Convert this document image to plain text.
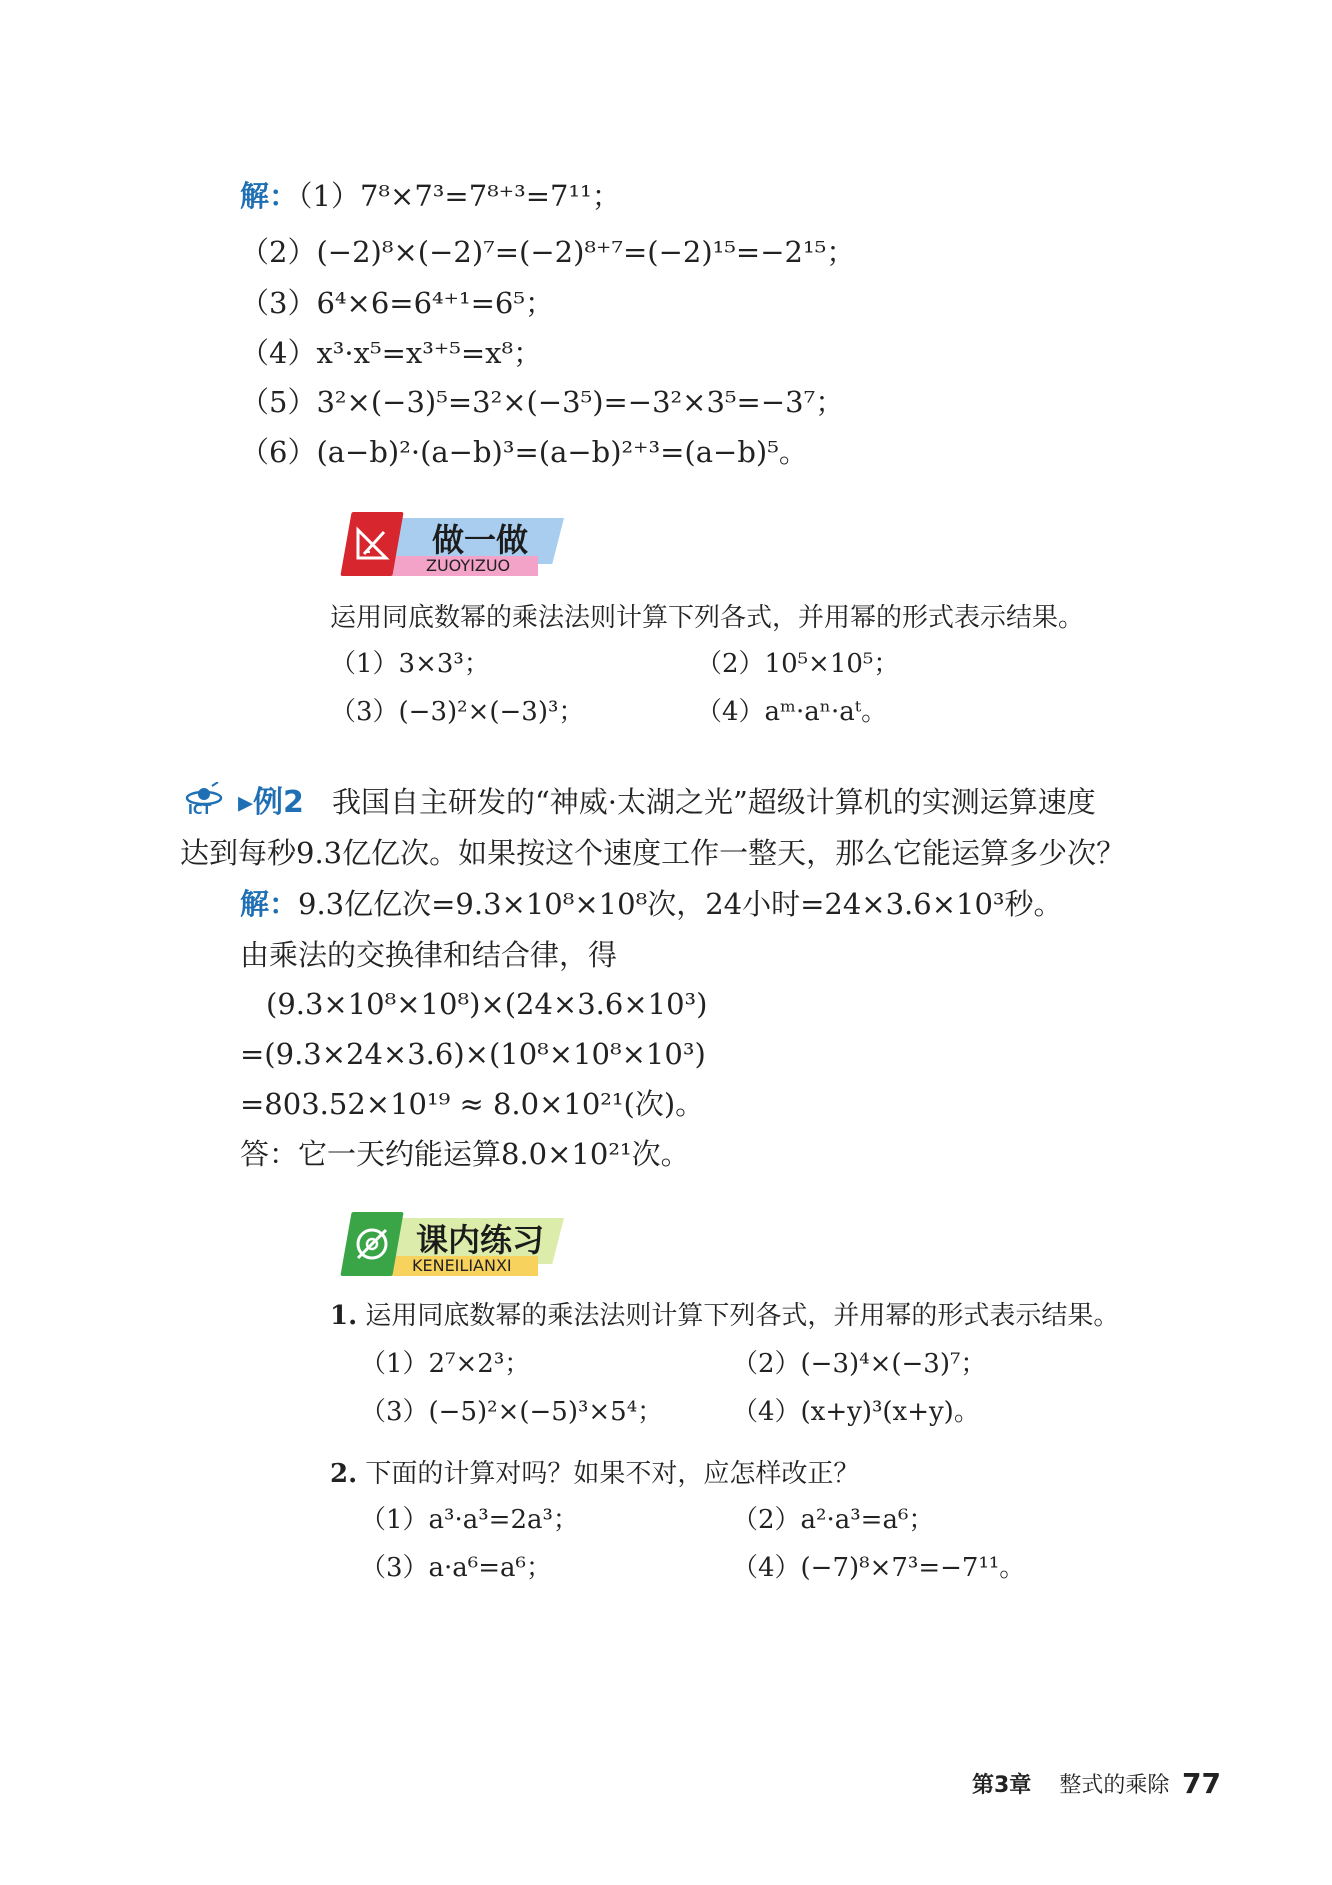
解：（1）7⁸×7³=7⁸⁺³=7¹¹；
（2）(−2)⁸×(−2)⁷=(−2)⁸⁺⁷=(−2)¹⁵=−2¹⁵；
（3）6⁴×6=6⁴⁺¹=6⁵；
（4）x³·x⁵=x³⁺⁵=x⁸；
（5）3²×(−3)⁵=3²×(−3⁵)=−3²×3⁵=−3⁷；
（6）(a−b)²·(a−b)³=(a−b)²⁺³=(a−b)⁵。
做一做
ZUOYIZUO
运用同底数幂的乘法法则计算下列各式，并用幂的形式表示结果。
（1）3×3³；	（2）10⁵×10⁵；
（3）(−3)²×(−3)³；	（4）aᵐ·aⁿ·aᵗ。
ICT ▸例2 我国自主研发的“神威·太湖之光”超级计算机的实测运算速度
达到每秒9.3亿亿次。如果按这个速度工作一整天，那么它能运算多少次？
解：9.3亿亿次=9.3×10⁸×10⁸次，24小时=24×3.6×10³秒。
由乘法的交换律和结合律，得
(9.3×10⁸×10⁸)×(24×3.6×10³)
=(9.3×24×3.6)×(10⁸×10⁸×10³)
=803.52×10¹⁹ ≈ 8.0×10²¹(次)。
答：它一天约能运算8.0×10²¹次。
课内练习
KENEILIANXI
1. 运用同底数幂的乘法法则计算下列各式，并用幂的形式表示结果。
（1）2⁷×2³；	（2）(−3)⁴×(−3)⁷；
（3）(−5)²×(−5)³×5⁴；	（4）(x+y)³(x+y)。
2. 下面的计算对吗？如果不对，应怎样改正？
（1）a³·a³=2a³；	（2）a²·a³=a⁶；
（3）a·a⁶=a⁶；	（4）(−7)⁸×7³=−7¹¹。
第3章 整式的乘除 77
